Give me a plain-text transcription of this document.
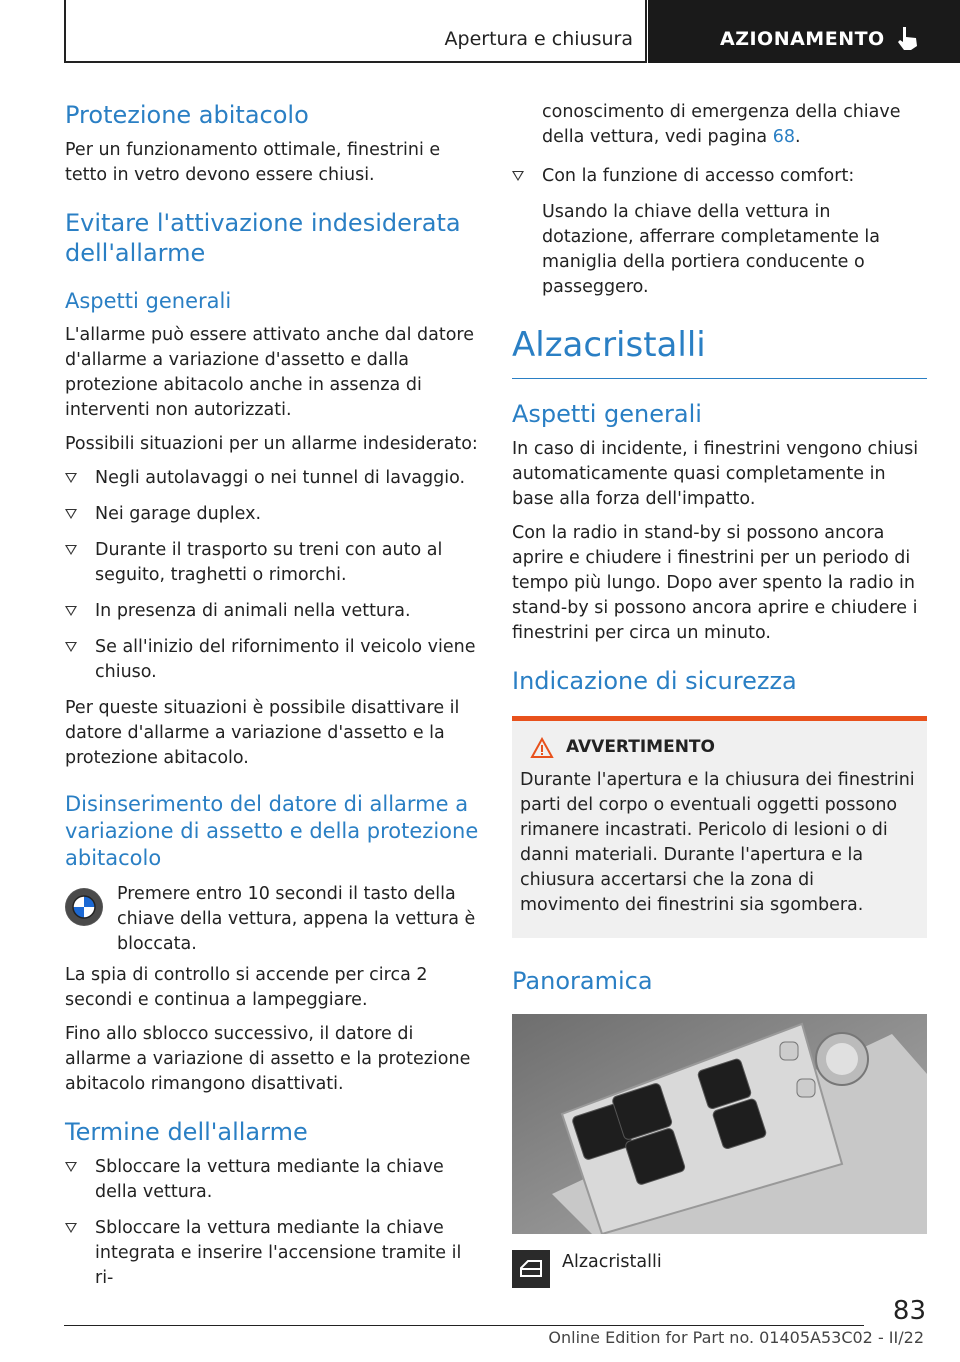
Apertura e chiusura	AZIONAMENTO
Protezione abitacolo

Per un funzionamento ottimale, finestrini e tetto in vetro devono essere chiusi.

Evitare l'attivazione indesiderata dell'allarme
Aspetti generali

L'allarme può essere attivato anche dal datore d'allarme a variazione d'assetto e dalla protezione abitacolo anche in assenza di interventi non autorizzati.

Possibili situazioni per un allarme indesiderato:

Negli autolavaggi o nei tunnel di lavaggio.
Nei garage duplex.
Durante il trasporto su treni con auto al seguito, traghetti o rimorchi.
In presenza di animali nella vettura.
Se all'inizio del rifornimento il veicolo viene chiuso.

Per queste situazioni è possibile disattivare il datore d'allarme a variazione d'assetto e la protezione abitacolo.

Disinserimento del datore di allarme a variazione di assetto e della protezione abitacolo
Premere entro 10 secondi il tasto della chiave della vettura, appena la vettura è bloccata.

La spia di controllo si accende per circa 2 secondi e continua a lampeggiare.

Fino allo sblocco successivo, il datore di allarme a variazione di assetto e la protezione abitacolo rimangono disattivati.

Termine dell'allarme
Sbloccare la vettura mediante la chiave della vettura.
Sbloccare la vettura mediante la chiave integrata e inserire l'accensione tramite il ri-

conoscimento di emergenza della chiave della vettura, vedi pagina 68.

Con la funzione di accesso comfort:

Usando la chiave della vettura in dotazione, afferrare completamente la maniglia della portiera conducente o passeggero.

Alzacristalli
Aspetti generali

In caso di incidente, i finestrini vengono chiusi automaticamente quasi completamente in base alla forza dell'impatto.

Con la radio in stand-by si possono ancora aprire e chiudere i finestrini per un periodo di tempo più lungo. Dopo aver spento la radio in stand-by si possono ancora aprire e chiudere i finestrini per circa un minuto.

Indicazione di sicurezza
AVVERTIMENTO

Durante l'apertura e la chiusura dei finestrini parti del corpo o eventuali oggetti possono rimanere incastrati. Pericolo di lesioni o di danni materiali. Durante l'apertura e la chiusura accertarsi che la zona di movimento dei finestrini sia sgombera.

Panoramica
Alzacristalli
83
Online Edition for Part no. 01405A53C02 - II/22
